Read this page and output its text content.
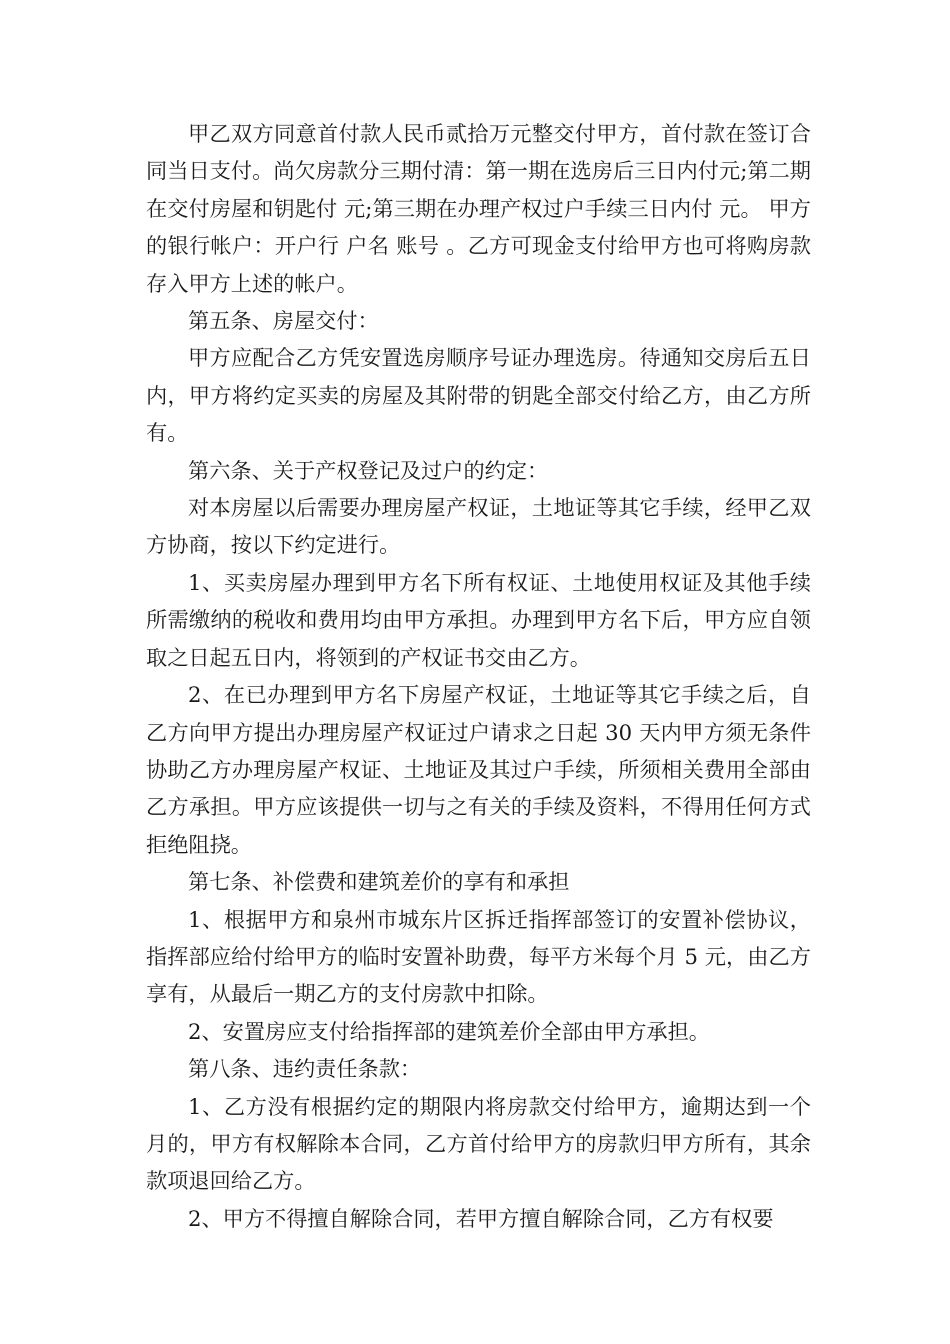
甲乙双方同意首付款人民币贰拾万元整交付甲方，首付款在签订合同当日支付。尚欠房款分三期付清：第一期在选房后三日内付元;第二期在交付房屋和钥匙付 元;第三期在办理产权过户手续三日内付 元。 甲方的银行帐户：开户行 户名 账号 。乙方可现金支付给甲方也可将购房款存入甲方上述的帐户。

第五条、房屋交付：

甲方应配合乙方凭安置选房顺序号证办理选房。待通知交房后五日内，甲方将约定买卖的房屋及其附带的钥匙全部交付给乙方，由乙方所有。

第六条、关于产权登记及过户的约定：

对本房屋以后需要办理房屋产权证，土地证等其它手续，经甲乙双方协商，按以下约定进行。

1、买卖房屋办理到甲方名下所有权证、土地使用权证及其他手续所需缴纳的税收和费用均由甲方承担。办理到甲方名下后，甲方应自领取之日起五日内，将领到的产权证书交由乙方。

2、在已办理到甲方名下房屋产权证，土地证等其它手续之后，自乙方向甲方提出办理房屋产权证过户请求之日起 30 天内甲方须无条件协助乙方办理房屋产权证、土地证及其过户手续，所须相关费用全部由乙方承担。甲方应该提供一切与之有关的手续及资料，不得用任何方式拒绝阻挠。

第七条、补偿费和建筑差价的享有和承担

1、根据甲方和泉州市城东片区拆迁指挥部签订的安置补偿协议，指挥部应给付给甲方的临时安置补助费，每平方米每个月 5 元，由乙方享有，从最后一期乙方的支付房款中扣除。

2、安置房应支付给指挥部的建筑差价全部由甲方承担。

第八条、违约责任条款：

1、乙方没有根据约定的期限内将房款交付给甲方，逾期达到一个月的，甲方有权解除本合同，乙方首付给甲方的房款归甲方所有，其余款项退回给乙方。

2、甲方不得擅自解除合同，若甲方擅自解除合同，乙方有权要
